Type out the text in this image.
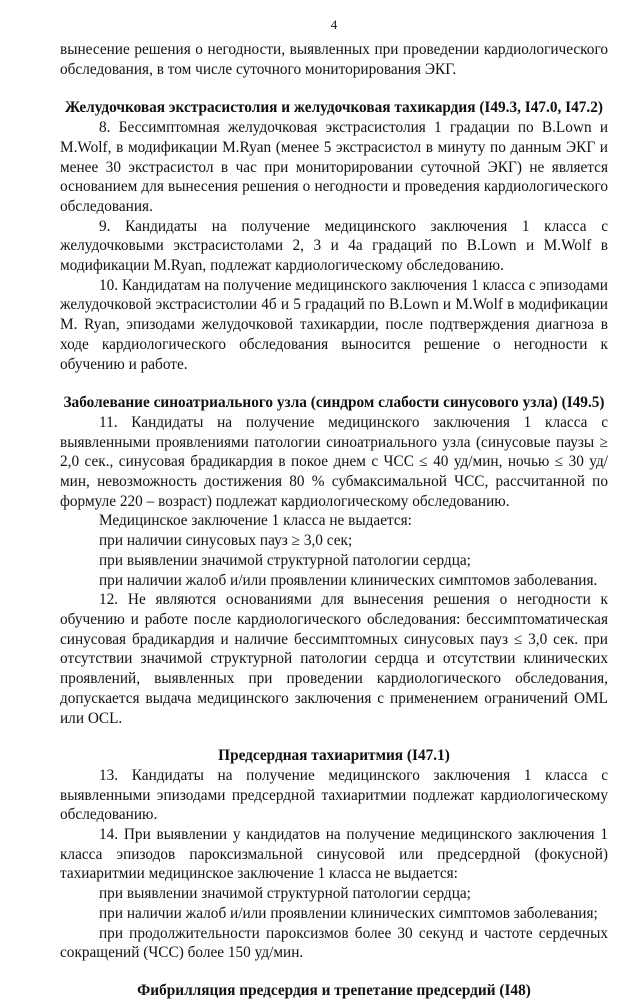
4

вынесение решения о негодности, выявленных при проведении кардиологического обследования, в том числе суточного мониторирования ЭКГ.

Желудочковая экстрасистолия и желудочковая тахикардия (I49.3, I47.0, I47.2)

8. Бессимптомная желудочковая экстрасистолия 1 градации по B.Lown и M.Wolf, в модификации M.Ryan (менее 5 экстрасистол в минуту по данным ЭКГ и менее 30 экстрасистол в час при мониторировании суточной ЭКГ) не является основанием для вынесения решения о негодности и проведения кардиологического обследования.

9. Кандидаты на получение медицинского заключения 1 класса с желудочковыми экстрасистолами 2, 3 и 4а градаций по B.Lown и M.Wolf в модификации M.Ryan, подлежат кардиологическому обследованию.

10. Кандидатам на получение медицинского заключения 1 класса с эпизодами желудочковой экстрасистолии 4б и 5 градаций по B.Lown и M.Wolf в модификации M. Ryan, эпизодами желудочковой тахикардии, после подтверждения диагноза в ходе кардиологического обследования выносится решение о негодности к обучению и работе.

Заболевание синоатриального узла (синдром слабости синусового узла) (I49.5)

11. Кандидаты на получение медицинского заключения 1 класса с выявленными проявлениями патологии синоатриального узла (синусовые паузы ≥ 2,0 сек., синусовая брадикардия в покое днем с ЧСС ≤ 40 уд/мин, ночью ≤ 30 уд/мин, невозможность достижения 80 % субмаксимальной ЧСС, рассчитанной по формуле 220 – возраст) подлежат кардиологическому обследованию.

Медицинское заключение 1 класса не выдается:

при наличии синусовых пауз ≥ 3,0 сек;

при выявлении значимой структурной патологии сердца;

при наличии жалоб и/или проявлении клинических симптомов заболевания.

12. Не являются основаниями для вынесения решения о негодности к обучению и работе после кардиологического обследования: бессимптоматическая синусовая брадикардия и наличие бессимптомных синусовых пауз ≤ 3,0 сек. при отсутствии значимой структурной патологии сердца и отсутствии клинических проявлений, выявленных при проведении кардиологического обследования, допускается выдача медицинского заключения с применением ограничений OML или OCL.

Предсердная тахиаритмия (I47.1)

13. Кандидаты на получение медицинского заключения 1 класса с выявленными эпизодами предсердной тахиаритмии подлежат кардиологическому обследованию.

14. При выявлении у кандидатов на получение медицинского заключения 1 класса эпизодов пароксизмальной синусовой или предсердной (фокусной) тахиаритмии медицинское заключение 1 класса не выдается:

при выявлении значимой структурной патологии сердца;

при наличии жалоб и/или проявлении клинических симптомов заболевания;

при продолжительности пароксизмов более 30 секунд и частоте сердечных сокращений (ЧСС) более 150 уд/мин.

Фибрилляция предсердия и трепетание предсердий (I48)
